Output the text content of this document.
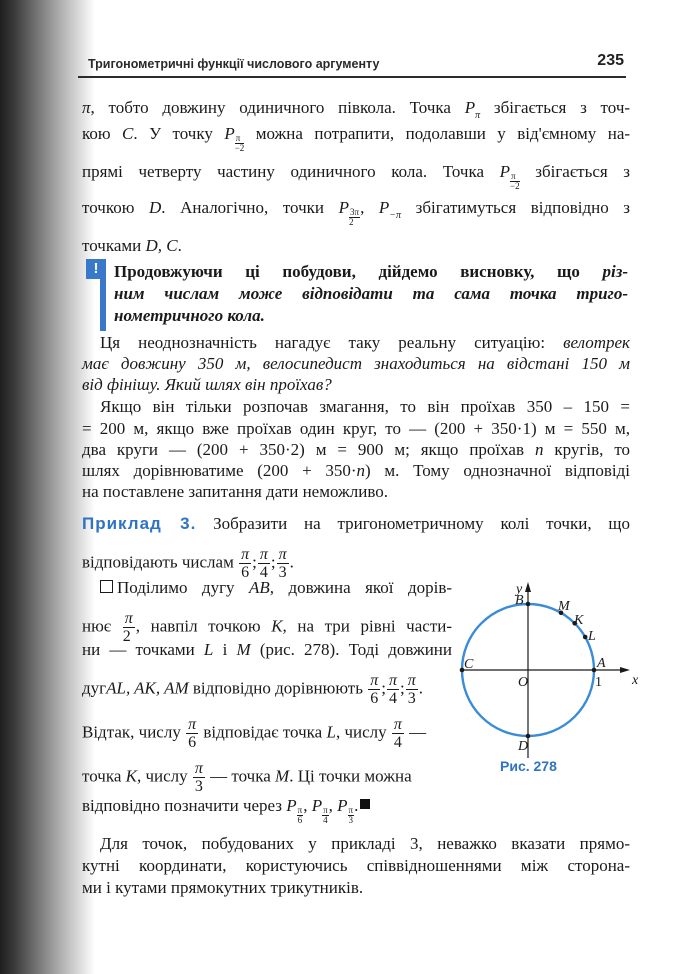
Тригонометричні функції числового аргументу	235
π, тобто довжину одиничного півкола. Точка $P_\pi$ збігається з точ-
кою C. У точку P
$\frac{\pi}{-2}$ можна потрапити, подолавши у від'ємному на-
прямі четверту частину одиничного кола. Точка P
$\frac{\pi}{-2}$ збігається з
точкою D. Аналогічно, точки P
$\frac{3\pi}{2}$, $P_{-\pi}$ збігатимуться відповідно з
точками D, C.
! Продовжуючи ці побудови, дійдемо висновку, що різ-
ним числам може відповідати та сама точка триго-
нометричного кола.
Ця неоднозначність нагадує таку реальну ситуацію: велотрек
має довжину 350 м, велосипедист знаходиться на відстані 150 м
від фінішу. Який шлях він проїхав?
Якщо він тільки розпочав змагання, то він проїхав 350 – 150 =
= 200 м, якщо вже проїхав один круг, то — (200 + 350·1) м = 550 м,
два круги — (200 + 350·2) м = 900 м; якщо проїхав n кругів, то
шлях дорівнюватиме (200 + 350·n) м. Тому однозначної відповіді
на поставлене запитання дати неможливо.
Приклад 3. Зобразити на тригонометричному колі точки, що
відповідають числам $\frac{\pi}{6}$ ; $\frac{\pi}{4}$ ; $\frac{\pi}{3}$ .
Поділимо дугу AB, довжина якої дорів-
нює $\frac{\pi}{2}$ , навпіл точкою K, на три рівні части-
ни — точками L і M (рис. 278). Тоді довжини
дугAL, AK, AM відповідно дорівнюють $\frac{\pi}{6}$ ; $\frac{\pi}{4}$ ; $\frac{\pi}{3}$ .
Відтак, числу $\frac{\pi}{6}$ відповідає точка L, числу $\frac{\pi}{4}$ —
точка K, числу $\frac{\pi}{3}$ — точка M. Ці точки можна
відповідно позначити через P
$\frac{\pi}{6}$, P
$\frac{\pi}{4}$, P
$\frac{\pi}{3}$.
y
x
B M
K
L
A
C
O	1
D
Рис. 278
Для точок, побудованих у прикладі 3, неважко вказати прямо-
кутні координати, користуючись співвідношеннями між сторона-
ми і кутами прямокутних трикутників.
